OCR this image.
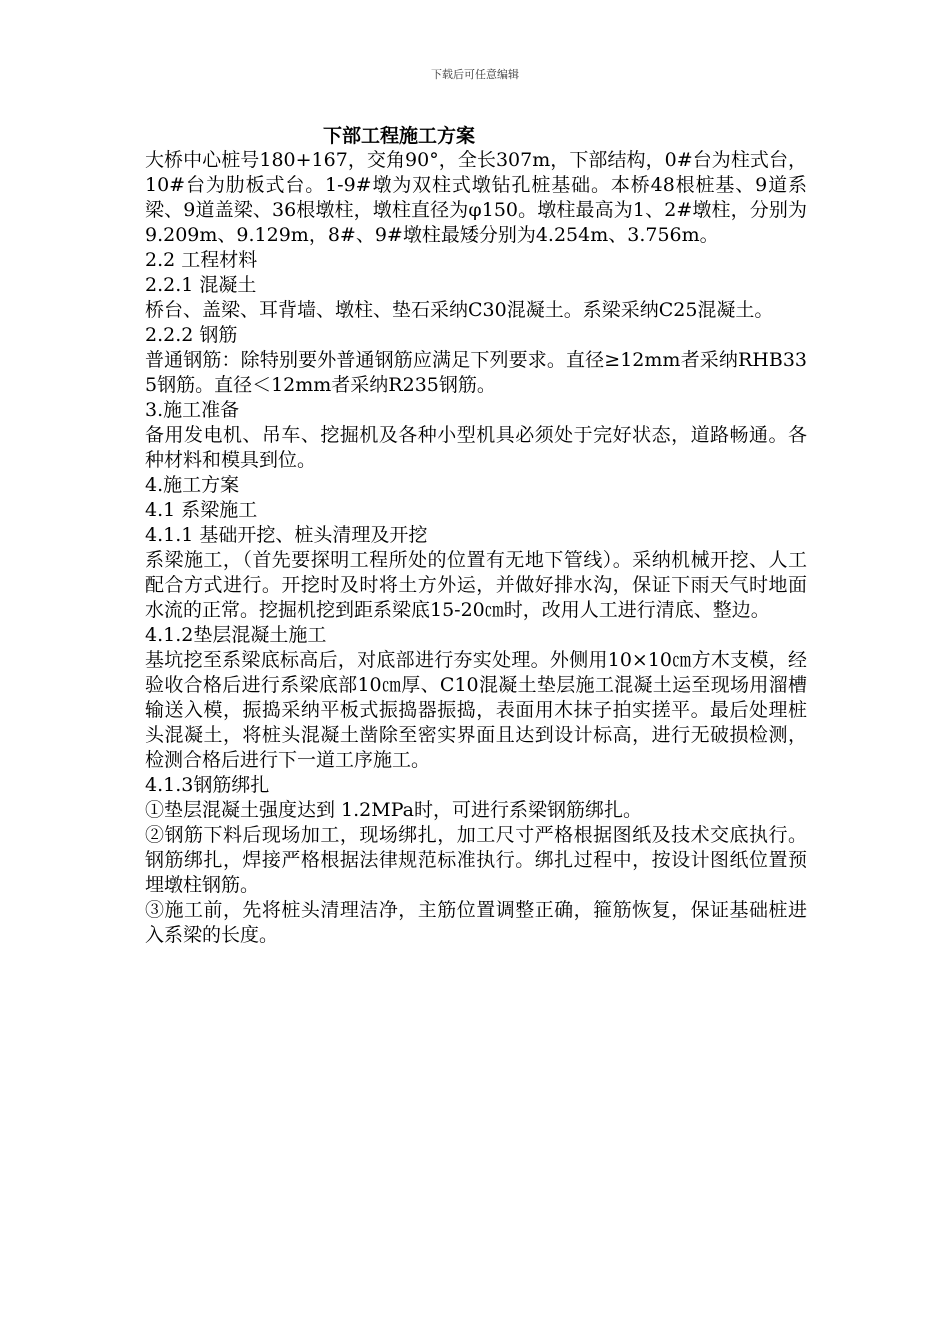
下载后可任意编辑

下部工程施工方案

大桥中心桩号180+167，交角90°，全长307m，下部结构，0#台为柱式台，10#台为肋板式台。1-9#墩为双柱式墩钻孔桩基础。本桥48根桩基、9道系梁、9道盖梁、36根墩柱，墩柱直径为φ150。墩柱最高为1、2#墩柱，分别为9.209m、9.129m，8#、9#墩柱最矮分别为4.254m、3.756m。

2.2 工程材料

2.2.1 混凝土

桥台、盖梁、耳背墙、墩柱、垫石采纳C30混凝土。系梁采纳C25混凝土。

2.2.2 钢筋

普通钢筋：除特别要外普通钢筋应满足下列要求。直径≥12mm者采纳RHB335钢筋。直径＜12mm者采纳R235钢筋。

3.施工准备

备用发电机、吊车、挖掘机及各种小型机具必须处于完好状态，道路畅通。各种材料和模具到位。

4.施工方案

4.1 系梁施工

4.1.1 基础开挖、桩头清理及开挖

系梁施工，（首先要探明工程所处的位置有无地下管线）。采纳机械开挖、人工配合方式进行。开挖时及时将土方外运，并做好排水沟，保证下雨天气时地面水流的正常。挖掘机挖到距系梁底15-20㎝时，改用人工进行清底、整边。

4.1.2垫层混凝土施工

基坑挖至系梁底标高后，对底部进行夯实处理。外侧用10×10㎝方木支模，经验收合格后进行系梁底部10㎝厚、C10混凝土垫层施工混凝土运至现场用溜槽输送入模，振捣采纳平板式振捣器振捣，表面用木抹子拍实搓平。最后处理桩头混凝土，将桩头混凝土凿除至密实界面且达到设计标高，进行无破损检测，检测合格后进行下一道工序施工。

4.1.3钢筋绑扎

①垫层混凝土强度达到 1.2MPa时，可进行系梁钢筋绑扎。

②钢筋下料后现场加工，现场绑扎，加工尺寸严格根据图纸及技术交底执行。钢筋绑扎，焊接严格根据法律规范标准执行。绑扎过程中，按设计图纸位置预埋墩柱钢筋。

③施工前，先将桩头清理洁净，主筋位置调整正确，箍筋恢复，保证基础桩进入系梁的长度。
